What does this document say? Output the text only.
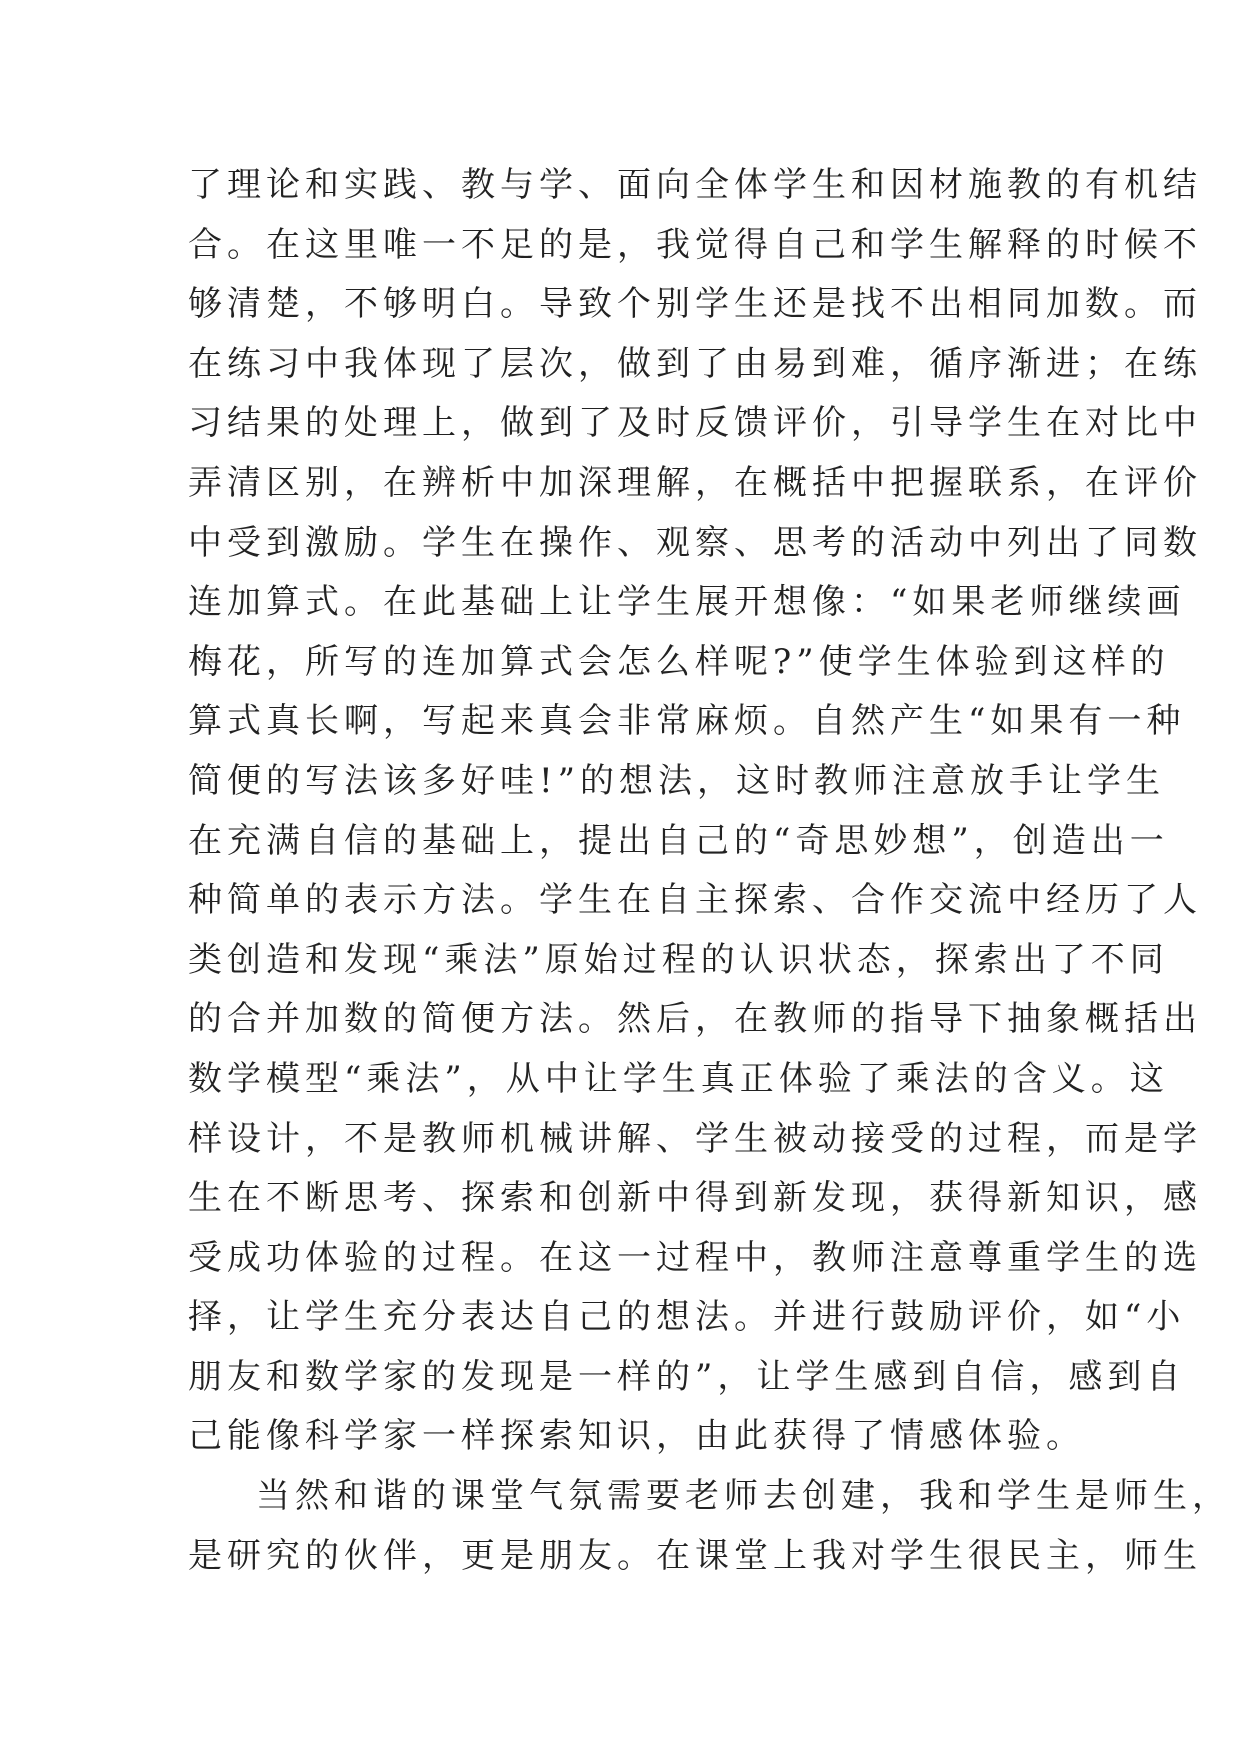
了理论和实践、教与学、面向全体学生和因材施教的有机结
合。在这里唯一不足的是，我觉得自己和学生解释的时候不
够清楚，不够明白。导致个别学生还是找不出相同加数。而
在练习中我体现了层次，做到了由易到难，循序渐进；在练
习结果的处理上，做到了及时反馈评价，引导学生在对比中
弄清区别，在辨析中加深理解，在概括中把握联系，在评价
中受到激励。学生在操作、观察、思考的活动中列出了同数
连加算式。在此基础上让学生展开想像：“如果老师继续画
梅花，所写的连加算式会怎么样呢?”使学生体验到这样的
算式真长啊，写起来真会非常麻烦。自然产生“如果有一种
简便的写法该多好哇!”的想法，这时教师注意放手让学生
在充满自信的基础上，提出自己的“奇思妙想”，创造出一
种简单的表示方法。学生在自主探索、合作交流中经历了人
类创造和发现“乘法”原始过程的认识状态，探索出了不同
的合并加数的简便方法。然后，在教师的指导下抽象概括出
数学模型“乘法”，从中让学生真正体验了乘法的含义。这
样设计，不是教师机械讲解、学生被动接受的过程，而是学
生在不断思考、探索和创新中得到新发现，获得新知识，感
受成功体验的过程。在这一过程中，教师注意尊重学生的选
择，让学生充分表达自己的想法。并进行鼓励评价，如“小
朋友和数学家的发现是一样的”，让学生感到自信，感到自
己能像科学家一样探索知识，由此获得了情感体验。
当然和谐的课堂气氛需要老师去创建，我和学生是师生，
是研究的伙伴，更是朋友。在课堂上我对学生很民主，师生
